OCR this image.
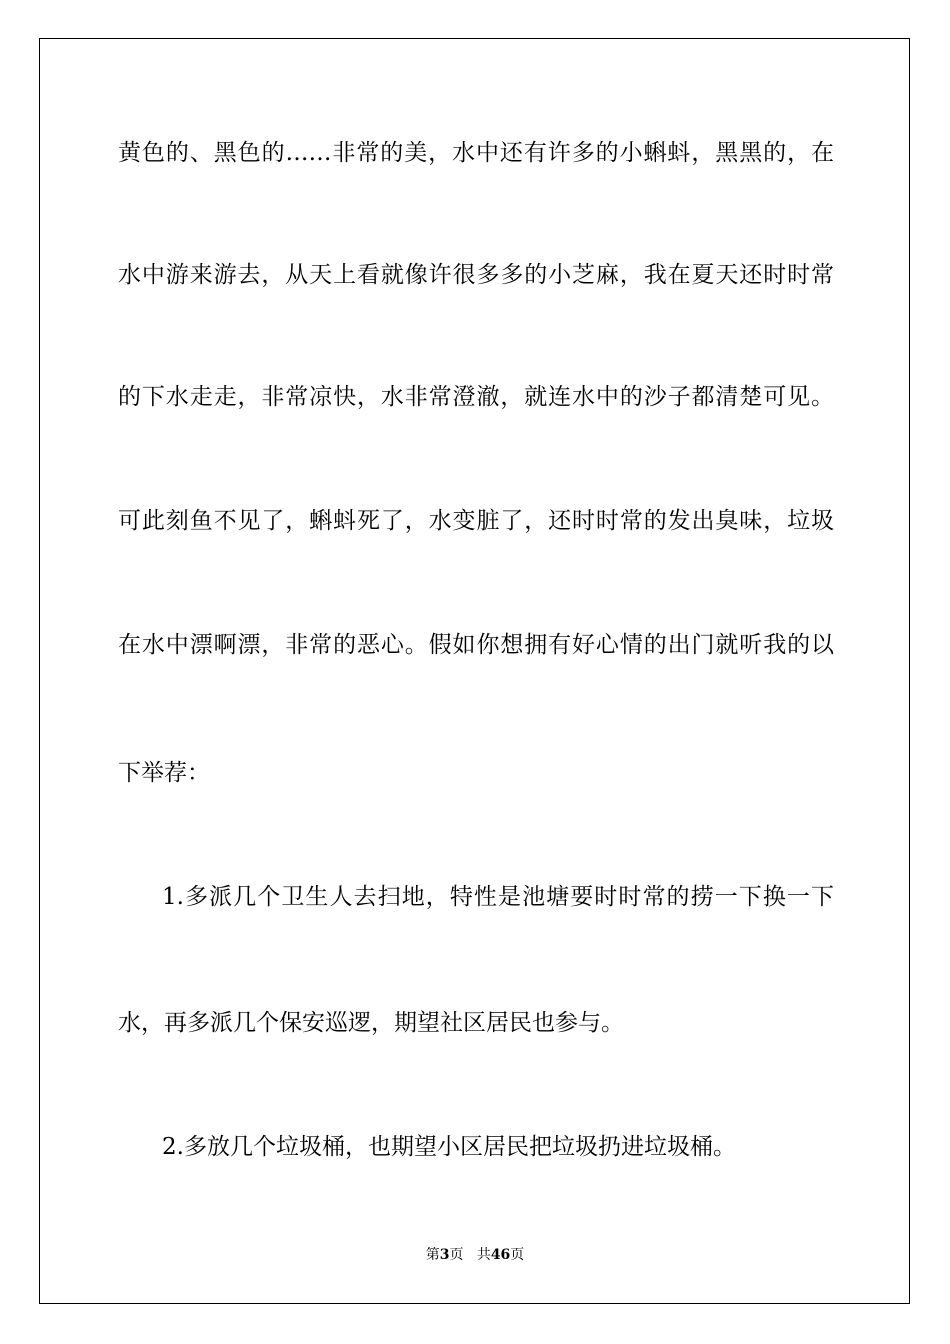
黄色的、黑色的……非常的美，水中还有许多的小蝌蚪，黑黑的，在
水中游来游去，从天上看就像许很多多的小芝麻，我在夏天还时时常
的下水走走，非常凉快，水非常澄澈，就连水中的沙子都清楚可见。
可此刻鱼不见了，蝌蚪死了，水变脏了，还时时常的发出臭味，垃圾
在水中漂啊漂，非常的恶心。假如你想拥有好心情的出门就听我的以
下举荐：
1.多派几个卫生人去扫地，特性是池塘要时时常的捞一下换一下
水，再多派几个保安巡逻，期望社区居民也参与。
2.多放几个垃圾桶，也期望小区居民把垃圾扔进垃圾桶。
第3页 共46页
